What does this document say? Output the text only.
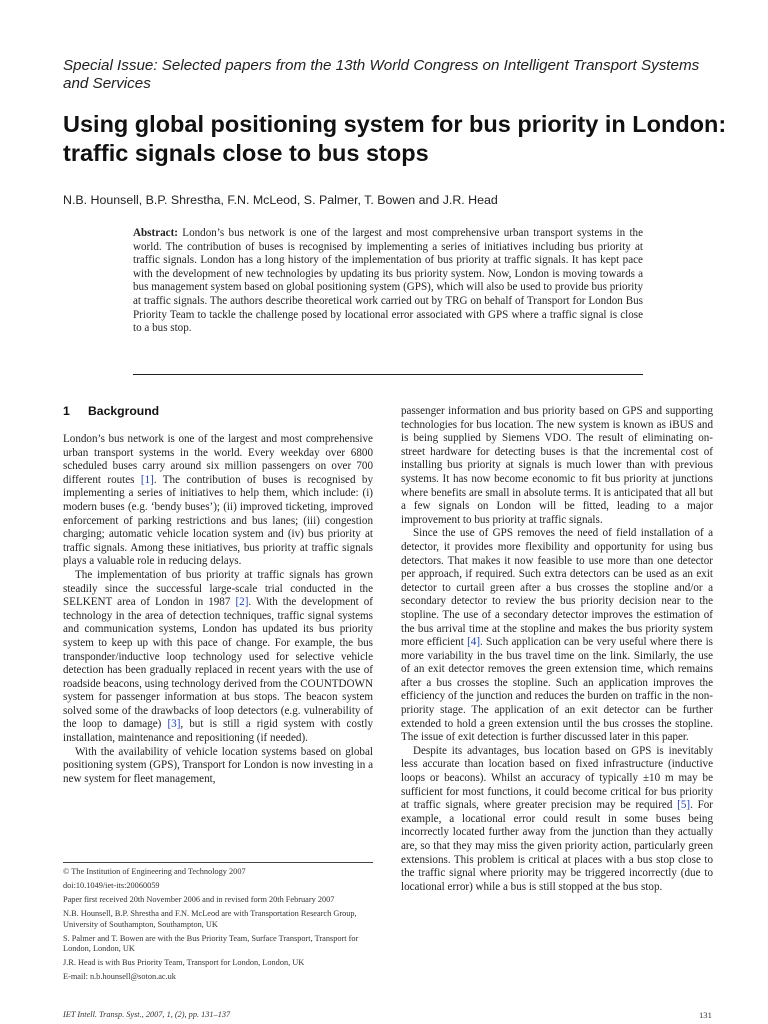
Special Issue: Selected papers from the 13th World Congress on Intelligent Transport Systems and Services
Using global positioning system for bus priority in London: traffic signals close to bus stops
N.B. Hounsell, B.P. Shrestha, F.N. McLeod, S. Palmer, T. Bowen and J.R. Head
Abstract: London’s bus network is one of the largest and most comprehensive urban transport systems in the world. The contribution of buses is recognised by implementing a series of initiatives including bus priority at traffic signals. London has a long history of the implementation of bus priority at traffic signals. It has kept pace with the development of new technologies by updating its bus priority system. Now, London is moving towards a bus management system based on global positioning system (GPS), which will also be used to provide bus priority at traffic signals. The authors describe theoretical work carried out by TRG on behalf of Transport for London Bus Priority Team to tackle the challenge posed by locational error associated with GPS where a traffic signal is close to a bus stop.
1 Background

London’s bus network is one of the largest and most comprehensive urban transport systems in the world. Every weekday over 6800 scheduled buses carry around six million passengers on over 700 different routes [1]. The contribution of buses is recognised by implementing a series of initiatives to help them, which include: (i) modern buses (e.g. ‘bendy buses’); (ii) improved ticketing, improved enforcement of parking restrictions and bus lanes; (iii) congestion charging; automatic vehicle location system and (iv) bus priority at traffic signals. Among these initiatives, bus priority at traffic signals plays a valuable role in reducing delays.

The implementation of bus priority at traffic signals has grown steadily since the successful large-scale trial conducted in the SELKENT area of London in 1987 [2]. With the development of technology in the area of detection techniques, traffic signal systems and communication systems, London has updated its bus priority system to keep up with this pace of change. For example, the bus transponder/inductive loop technology used for selective vehicle detection has been gradually replaced in recent years with the use of roadside beacons, using technology derived from the COUNTDOWN system for passenger information at bus stops. The beacon system solved some of the drawbacks of loop detectors (e.g. vulnerability of the loop to damage) [3], but is still a rigid system with costly installation, maintenance and repositioning (if needed).

With the availability of vehicle location systems based on global positioning system (GPS), Transport for London is now investing in a new system for fleet management,

passenger information and bus priority based on GPS and supporting technologies for bus location. The new system is known as iBUS and is being supplied by Siemens VDO. The result of eliminating on-street hardware for detecting buses is that the incremental cost of installing bus priority at signals is much lower than with previous systems. It has now become economic to fit bus priority at junctions where benefits are small in absolute terms. It is anticipated that all but a few signals on London will be fitted, leading to a major improvement to bus priority at traffic signals.

Since the use of GPS removes the need of field installation of a detector, it provides more flexibility and opportunity for using bus detectors. That makes it now feasible to use more than one detector per approach, if required. Such extra detectors can be used as an exit detector to curtail green after a bus crosses the stopline and/or a secondary detector to review the bus priority decision near to the stopline. The use of a secondary detector improves the estimation of the bus arrival time at the stopline and makes the bus priority system more efficient [4]. Such application can be very useful where there is more variability in the bus travel time on the link. Similarly, the use of an exit detector removes the green extension time, which remains after a bus crosses the stopline. Such an application improves the efficiency of the junction and reduces the burden on traffic in the non-priority stage. The application of an exit detector can be further extended to hold a green extension until the bus crosses the stopline. The issue of exit detection is further discussed later in this paper.

Despite its advantages, bus location based on GPS is inevitably less accurate than location based on fixed infrastructure (inductive loops or beacons). Whilst an accuracy of typically ±10 m may be sufficient for most functions, it could become critical for bus priority at traffic signals, where greater precision may be required [5]. For example, a locational error could result in some buses being incorrectly located further away from the junction than they actually are, so that they may miss the given priority action, particularly green extensions. This problem is critical at places with a bus stop close to the traffic signal where priority may be triggered incorrectly (due to locational error) while a bus is still stopped at the bus stop.

© The Institution of Engineering and Technology 2007

doi:10.1049/iet-its:20060059

Paper first received 20th November 2006 and in revised form 20th February 2007

N.B. Hounsell, B.P. Shrestha and F.N. McLeod are with Transportation Research Group, University of Southampton, Southampton, UK

S. Palmer and T. Bowen are with the Bus Priority Team, Surface Transport, Transport for London, London, UK

J.R. Head is with Bus Priority Team, Transport for London, London, UK

E-mail: n.b.hounsell@soton.ac.uk

IET Intell. Transp. Syst., 2007, 1, (2), pp. 131–137	131
